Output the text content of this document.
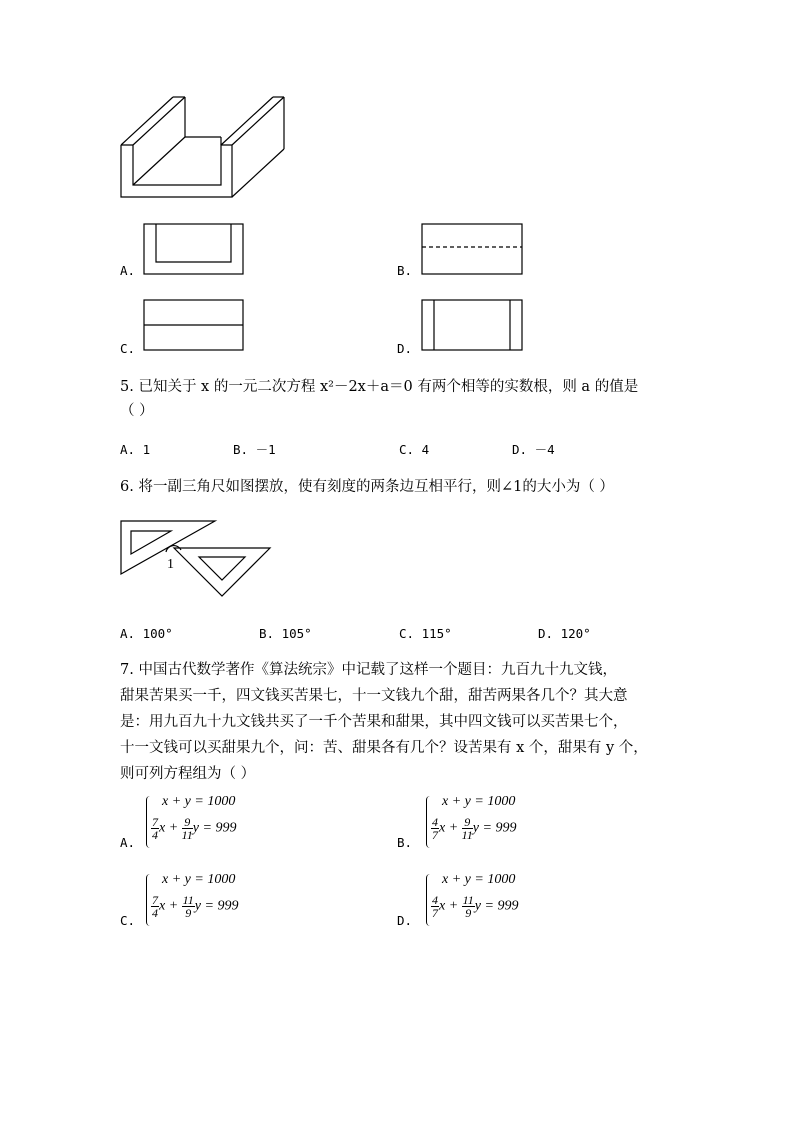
A.	B.
C.	D.
5. 已知关于 x 的一元二次方程 x²－2x＋a＝0 有两个相等的实数根，则 a 的值是
（ ）
A. 1	B. －1	C. 4	D. －4
6. 将一副三角尺如图摆放，使有刻度的两条边互相平行，则∠1的大小为（ ）
1
A. 100°	B. 105°	C. 115°	D. 120°
7. 中国古代数学著作《算法统宗》中记载了这样一个题目：九百九十九文钱，
甜果苦果买一千，四文钱买苦果七，十一文钱九个甜，甜苦两果各几个？其大意
是：用九百九十九文钱共买了一千个苦果和甜果，其中四文钱可以买苦果七个，
十一文钱可以买甜果九个，问：苦、甜果各有几个？设苦果有 x 个，甜果有 y 个，
则可列方程组为（ ）
A.
x + y = 1000
$\frac{7}{4}$ $x + \frac{9}{11}$ y = 999
B.
x + y = 1000
$\frac{4}{7}$ $x + \frac{9}{11}$ y = 999
C.
x + y = 1000
$\frac{7}{4}$ $x + \frac{11}{9}$ y = 999
D.
x + y = 1000
$\frac{4}{7}$ $x + \frac{11}{9}$ y = 999
